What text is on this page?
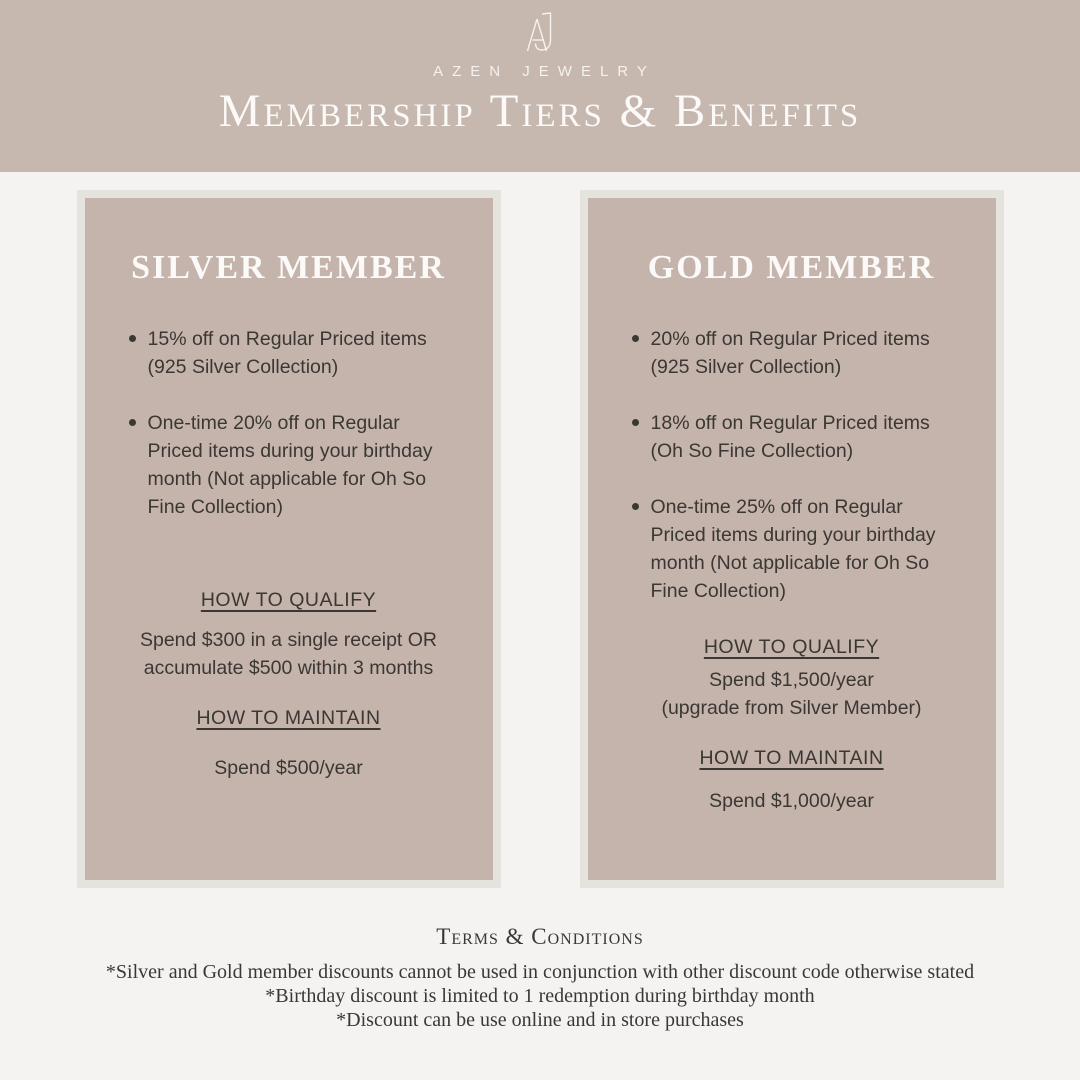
AZEN JEWELRY
Membership Tiers & Benefits
SILVER MEMBER
15% off on Regular Priced items (925 Silver Collection)
One-time 20% off on Regular Priced items during your birthday month (Not applicable for Oh So Fine Collection)
HOW TO QUALIFY
Spend $300 in a single receipt OR
accumulate $500 within 3 months
HOW TO MAINTAIN
Spend $500/year
GOLD MEMBER
20% off on Regular Priced items (925 Silver Collection)
18% off on Regular Priced items (Oh So Fine Collection)
One-time 25% off on Regular Priced items during your birthday month (Not applicable for Oh So Fine Collection)
HOW TO QUALIFY
Spend $1,500/year
(upgrade from Silver Member)
HOW TO MAINTAIN
Spend $1,000/year
Terms & Conditions

*Silver and Gold member discounts cannot be used in conjunction with other discount code otherwise stated

*Birthday discount is limited to 1 redemption during birthday month

*Discount can be use online and in store purchases
